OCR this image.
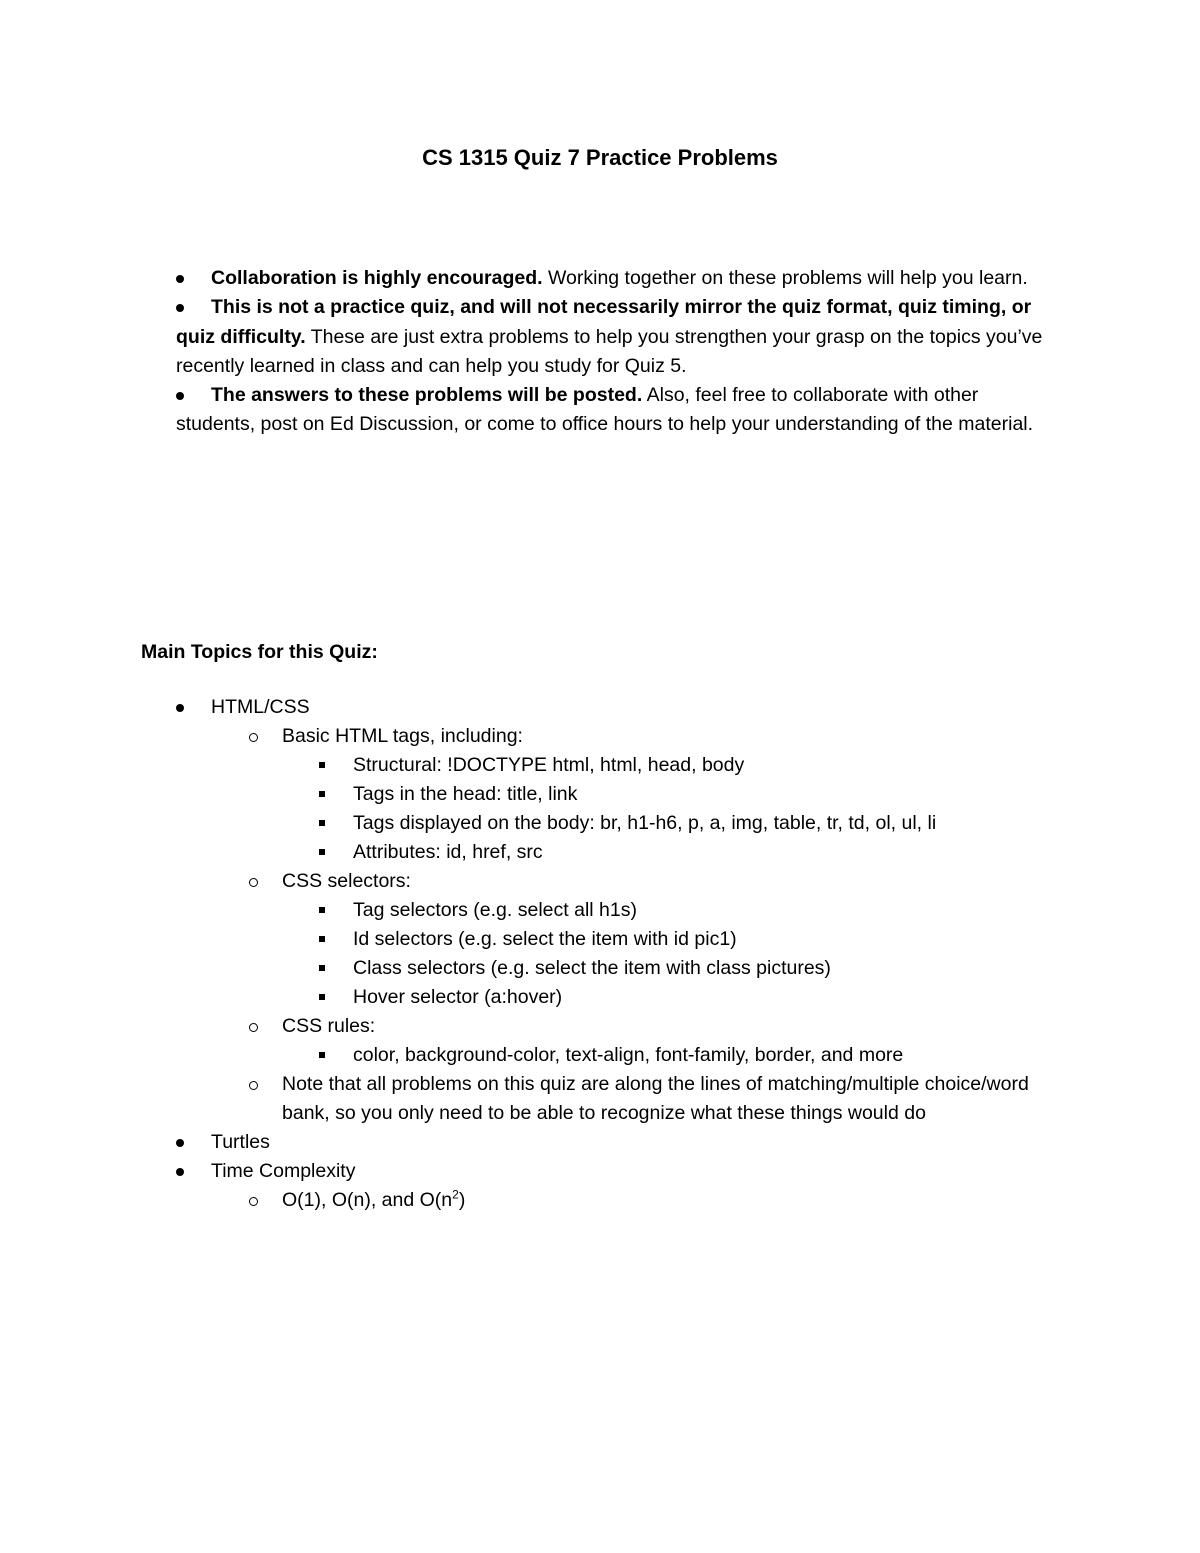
CS 1315 Quiz 7 Practice Problems
Collaboration is highly encouraged. Working together on these problems will help you learn.
This is not a practice quiz, and will not necessarily mirror the quiz format, quiz timing, or quiz difficulty. These are just extra problems to help you strengthen your grasp on the topics you’ve recently learned in class and can help you study for Quiz 5.
The answers to these problems will be posted. Also, feel free to collaborate with other students, post on Ed Discussion, or come to office hours to help your understanding of the material.

Main Topics for this Quiz:

HTML/CSS
Basic HTML tags, including:
Structural: !DOCTYPE html, html, head, body
Tags in the head: title, link
Tags displayed on the body: br, h1-h6, p, a, img, table, tr, td, ol, ul, li
Attributes: id, href, src
CSS selectors:
Tag selectors (e.g. select all h1s)
Id selectors (e.g. select the item with id pic1)
Class selectors (e.g. select the item with class pictures)
Hover selector (a:hover)
CSS rules:
color, background-color, text-align, font-family, border, and more
Note that all problems on this quiz are along the lines of matching/multiple choice/word bank, so you only need to be able to recognize what these things would do
Turtles
Time Complexity
O(1), O(n), and $O(n^2)$
